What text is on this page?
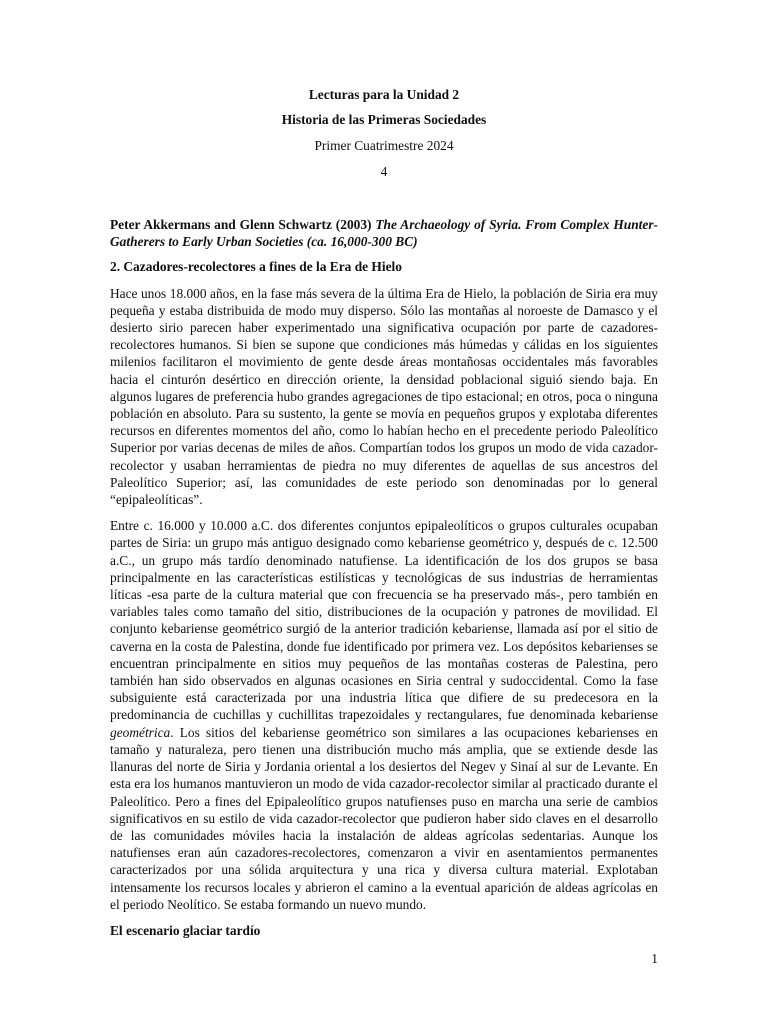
Lecturas para la Unidad 2
Historia de las Primeras Sociedades
Primer Cuatrimestre 2024
4

Peter Akkermans and Glenn Schwartz (2003) The Archaeology of Syria. From Complex Hunter-Gatherers to Early Urban Societies (ca. 16,000-300 BC)

2. Cazadores-recolectores a fines de la Era de Hielo

Hace unos 18.000 años, en la fase más severa de la última Era de Hielo, la población de Siria era muy pequeña y estaba distribuida de modo muy disperso. Sólo las montañas al noroeste de Damasco y el desierto sirio parecen haber experimentado una significativa ocupación por parte de cazadores-recolectores humanos. Si bien se supone que condiciones más húmedas y cálidas en los siguientes milenios facilitaron el movimiento de gente desde áreas montañosas occidentales más favorables hacia el cinturón desértico en dirección oriente, la densidad poblacional siguió siendo baja. En algunos lugares de preferencia hubo grandes agregaciones de tipo estacional; en otros, poca o ninguna población en absoluto. Para su sustento, la gente se movía en pequeños grupos y explotaba diferentes recursos en diferentes momentos del año, como lo habían hecho en el precedente periodo Paleolítico Superior por varias decenas de miles de años. Compartían todos los grupos un modo de vida cazador-recolector y usaban herramientas de piedra no muy diferentes de aquellas de sus ancestros del Paleolítico Superior; así, las comunidades de este periodo son denominadas por lo general “epipaleolíticas”.

Entre c. 16.000 y 10.000 a.C. dos diferentes conjuntos epipaleolíticos o grupos culturales ocupaban partes de Siria: un grupo más antiguo designado como kebariense geométrico y, después de c. 12.500 a.C., un grupo más tardío denominado natufiense. La identificación de los dos grupos se basa principalmente en las características estilísticas y tecnológicas de sus industrias de herramientas líticas -esa parte de la cultura material que con frecuencia se ha preservado más-, pero también en variables tales como tamaño del sitio, distribuciones de la ocupación y patrones de movilidad. El conjunto kebariense geométrico surgió de la anterior tradición kebariense, llamada así por el sitio de caverna en la costa de Palestina, donde fue identificado por primera vez. Los depósitos kebarienses se encuentran principalmente en sitios muy pequeños de las montañas costeras de Palestina, pero también han sido observados en algunas ocasiones en Siria central y sudoccidental. Como la fase subsiguiente está caracterizada por una industria lítica que difiere de su predecesora en la predominancia de cuchillas y cuchillitas trapezoidales y rectangulares, fue denominada kebariense geométrica. Los sitios del kebariense geométrico son similares a las ocupaciones kebarienses en tamaño y naturaleza, pero tienen una distribución mucho más amplia, que se extiende desde las llanuras del norte de Siria y Jordania oriental a los desiertos del Negev y Sinaí al sur de Levante. En esta era los humanos mantuvieron un modo de vida cazador-recolector similar al practicado durante el Paleolítico. Pero a fines del Epipaleolítico grupos natufienses puso en marcha una serie de cambios significativos en su estilo de vida cazador-recolector que pudieron haber sido claves en el desarrollo de las comunidades móviles hacia la instalación de aldeas agrícolas sedentarias. Aunque los natufienses eran aún cazadores-recolectores, comenzaron a vivir en asentamientos permanentes caracterizados por una sólida arquitectura y una rica y diversa cultura material. Explotaban intensamente los recursos locales y abrieron el camino a la eventual aparición de aldeas agrícolas en el periodo Neolítico. Se estaba formando un nuevo mundo.

El escenario glaciar tardío

1
